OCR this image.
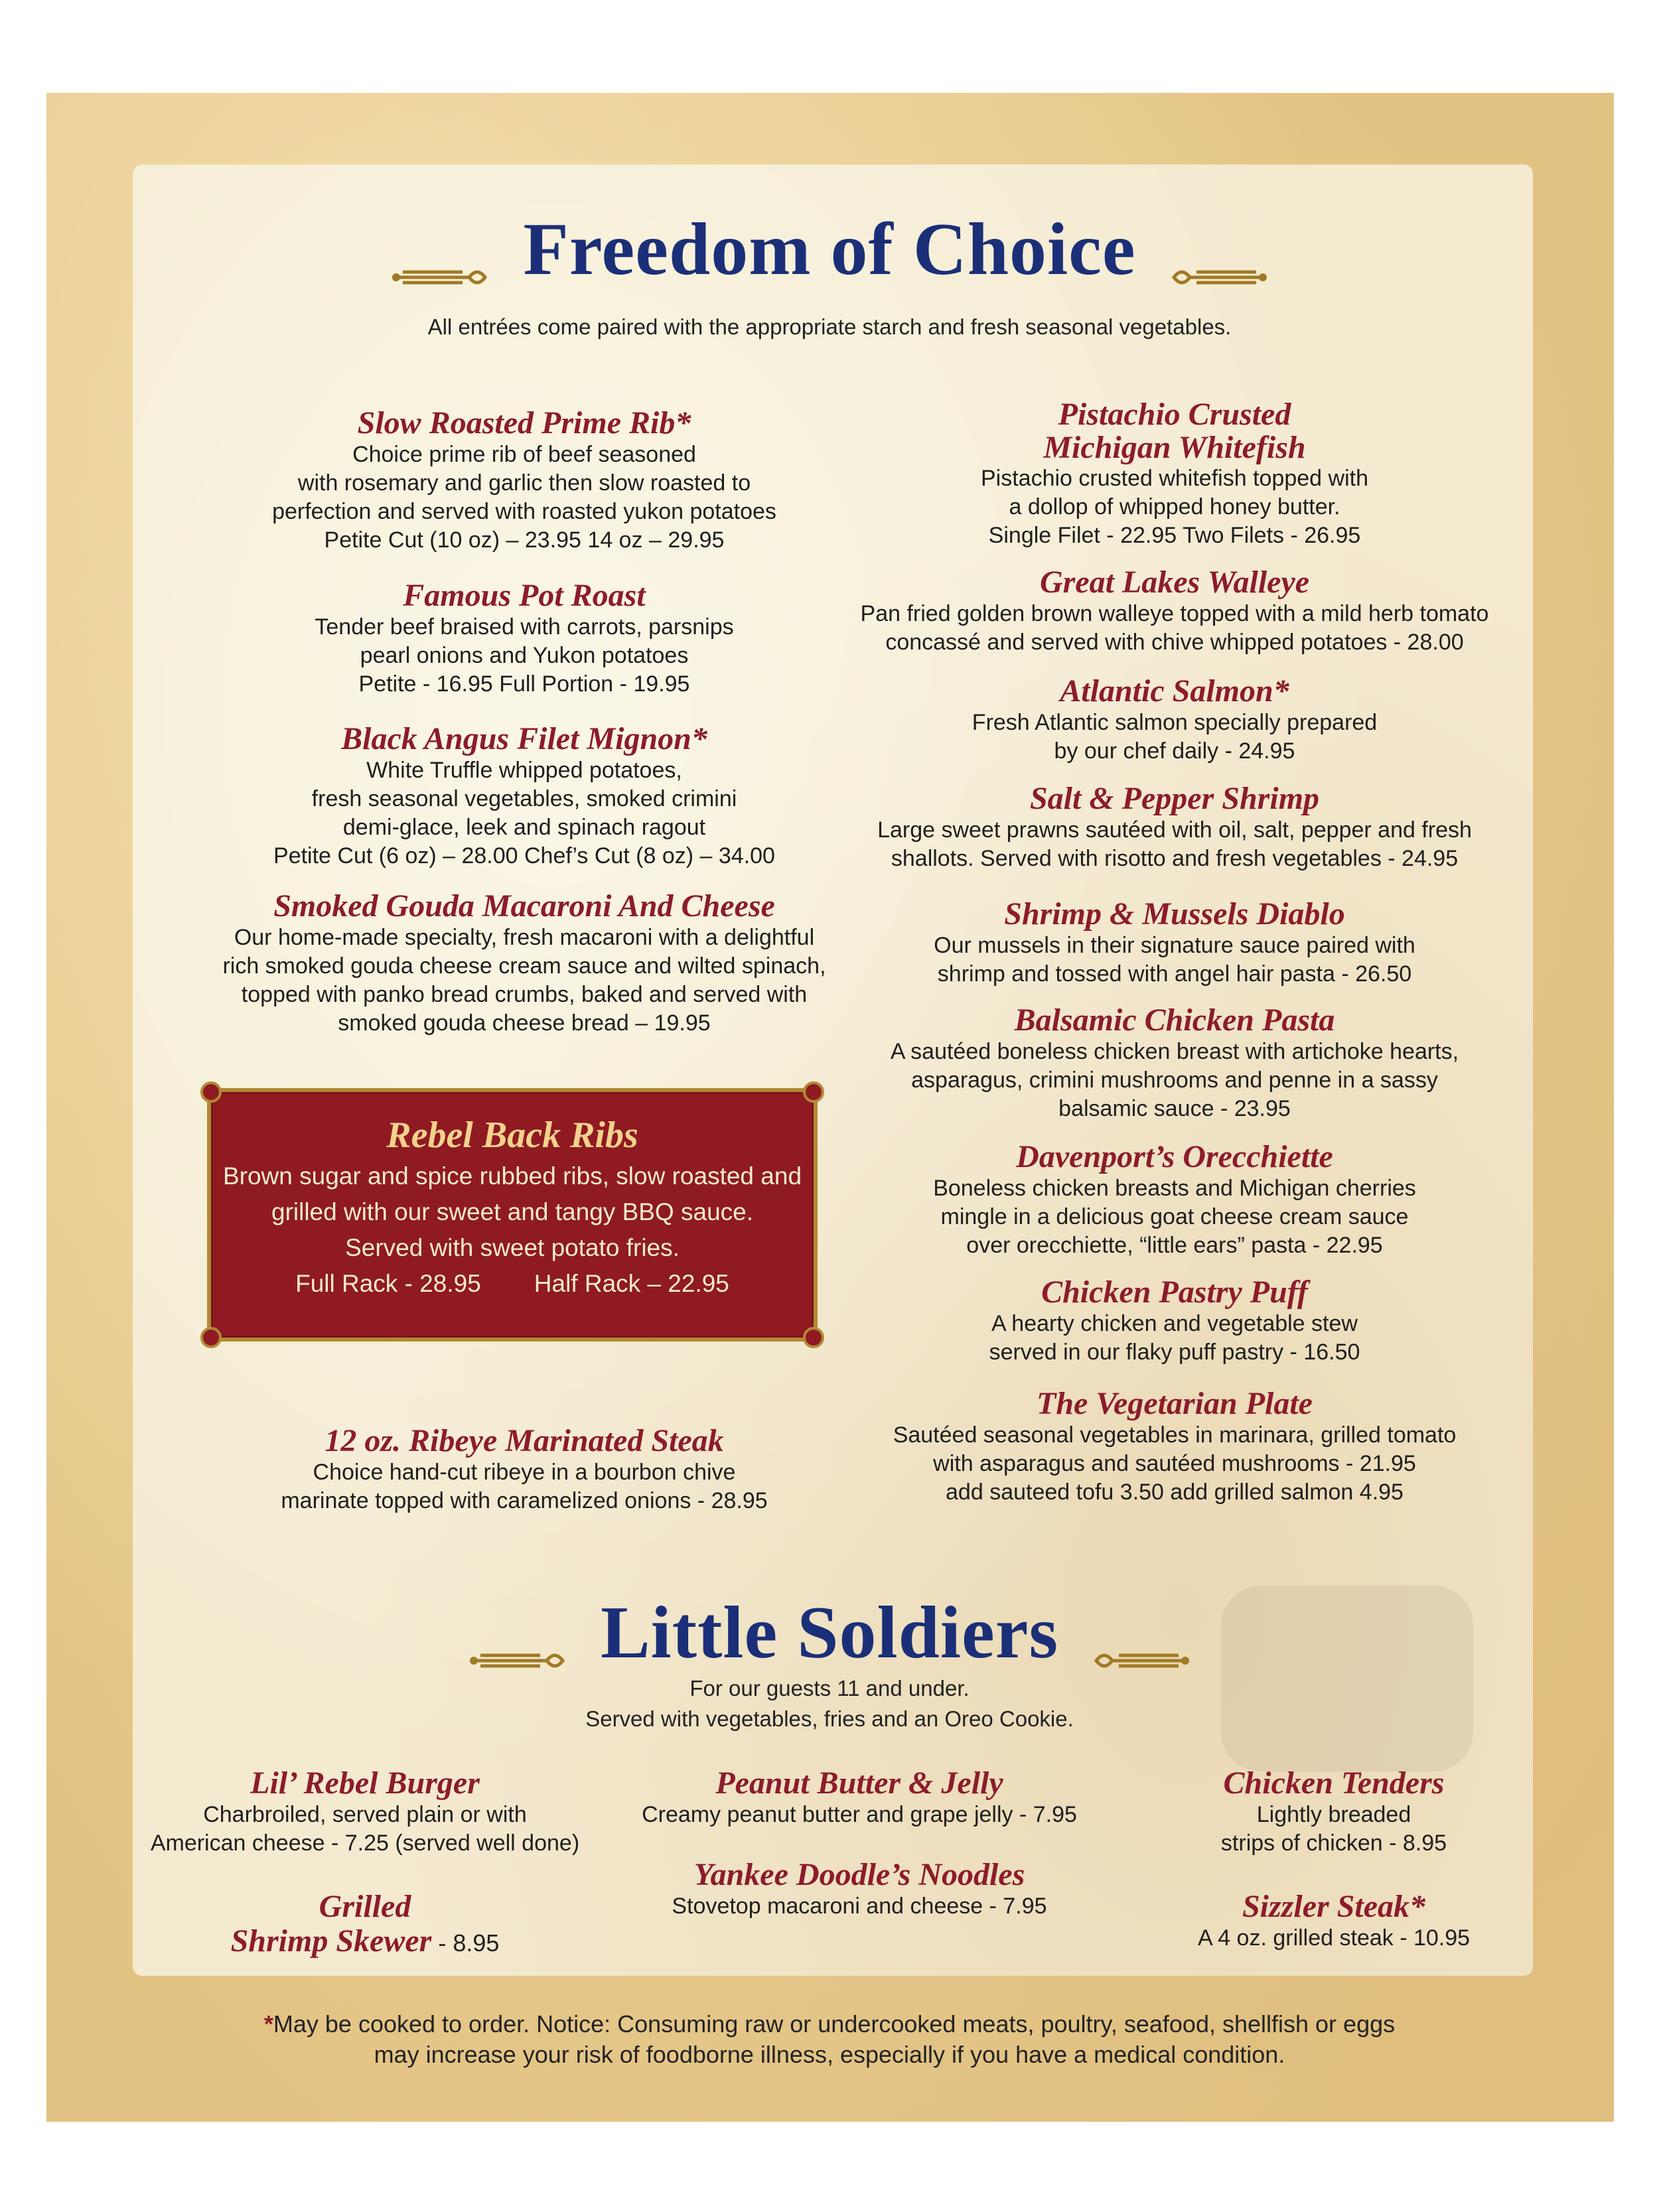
Freedom of Choice
All entrées come paired with the appropriate starch and fresh seasonal vegetables.
Slow Roasted Prime Rib*
Choice prime rib of beef seasoned
with rosemary and garlic then slow roasted to
perfection and served with roasted yukon potatoes
Petite Cut (10 oz) – 23.95 14 oz – 29.95
Famous Pot Roast
Tender beef braised with carrots, parsnips
pearl onions and Yukon potatoes
Petite - 16.95 Full Portion - 19.95
Black Angus Filet Mignon*
White Truffle whipped potatoes,
fresh seasonal vegetables, smoked crimini
demi-glace, leek and spinach ragout
Petite Cut (6 oz) – 28.00 Chef’s Cut (8 oz) – 34.00
Smoked Gouda Macaroni And Cheese
Our home-made specialty, fresh macaroni with a delightful
rich smoked gouda cheese cream sauce and wilted spinach,
topped with panko bread crumbs, baked and served with
smoked gouda cheese bread – 19.95
Rebel Back Ribs
Brown sugar and spice rubbed ribs, slow roasted and
grilled with our sweet and tangy BBQ sauce.
Served with sweet potato fries.
Full Rack - 28.95 Half Rack – 22.95
12 oz. Ribeye Marinated Steak
Choice hand-cut ribeye in a bourbon chive
marinate topped with caramelized onions - 28.95
Pistachio Crusted
Michigan Whitefish
Pistachio crusted whitefish topped with
a dollop of whipped honey butter.
Single Filet - 22.95 Two Filets - 26.95
Great Lakes Walleye
Pan fried golden brown walleye topped with a mild herb tomato
concassé and served with chive whipped potatoes - 28.00
Atlantic Salmon*
Fresh Atlantic salmon specially prepared
by our chef daily - 24.95
Salt & Pepper Shrimp
Large sweet prawns sautéed with oil, salt, pepper and fresh
shallots. Served with risotto and fresh vegetables - 24.95
Shrimp & Mussels Diablo
Our mussels in their signature sauce paired with
shrimp and tossed with angel hair pasta - 26.50
Balsamic Chicken Pasta
A sautéed boneless chicken breast with artichoke hearts,
asparagus, crimini mushrooms and penne in a sassy
balsamic sauce - 23.95
Davenport’s Orecchiette
Boneless chicken breasts and Michigan cherries
mingle in a delicious goat cheese cream sauce
over orecchiette, “little ears” pasta - 22.95
Chicken Pastry Puff
A hearty chicken and vegetable stew
served in our flaky puff pastry - 16.50
The Vegetarian Plate
Sautéed seasonal vegetables in marinara, grilled tomato
with asparagus and sautéed mushrooms - 21.95
add sauteed tofu 3.50 add grilled salmon 4.95
Little Soldiers
For our guests 11 and under.
Served with vegetables, fries and an Oreo Cookie.
Lil’ Rebel Burger
Charbroiled, served plain or with
American cheese - 7.25 (served well done)
Grilled
Shrimp Skewer - 8.95
Peanut Butter & Jelly
Creamy peanut butter and grape jelly - 7.95
Yankee Doodle’s Noodles
Stovetop macaroni and cheese - 7.95
Chicken Tenders
Lightly breaded
strips of chicken - 8.95
Sizzler Steak*
A 4 oz. grilled steak - 10.95
*May be cooked to order. Notice: Consuming raw or undercooked meats, poultry, seafood, shellfish or eggs
may increase your risk of foodborne illness, especially if you have a medical condition.
